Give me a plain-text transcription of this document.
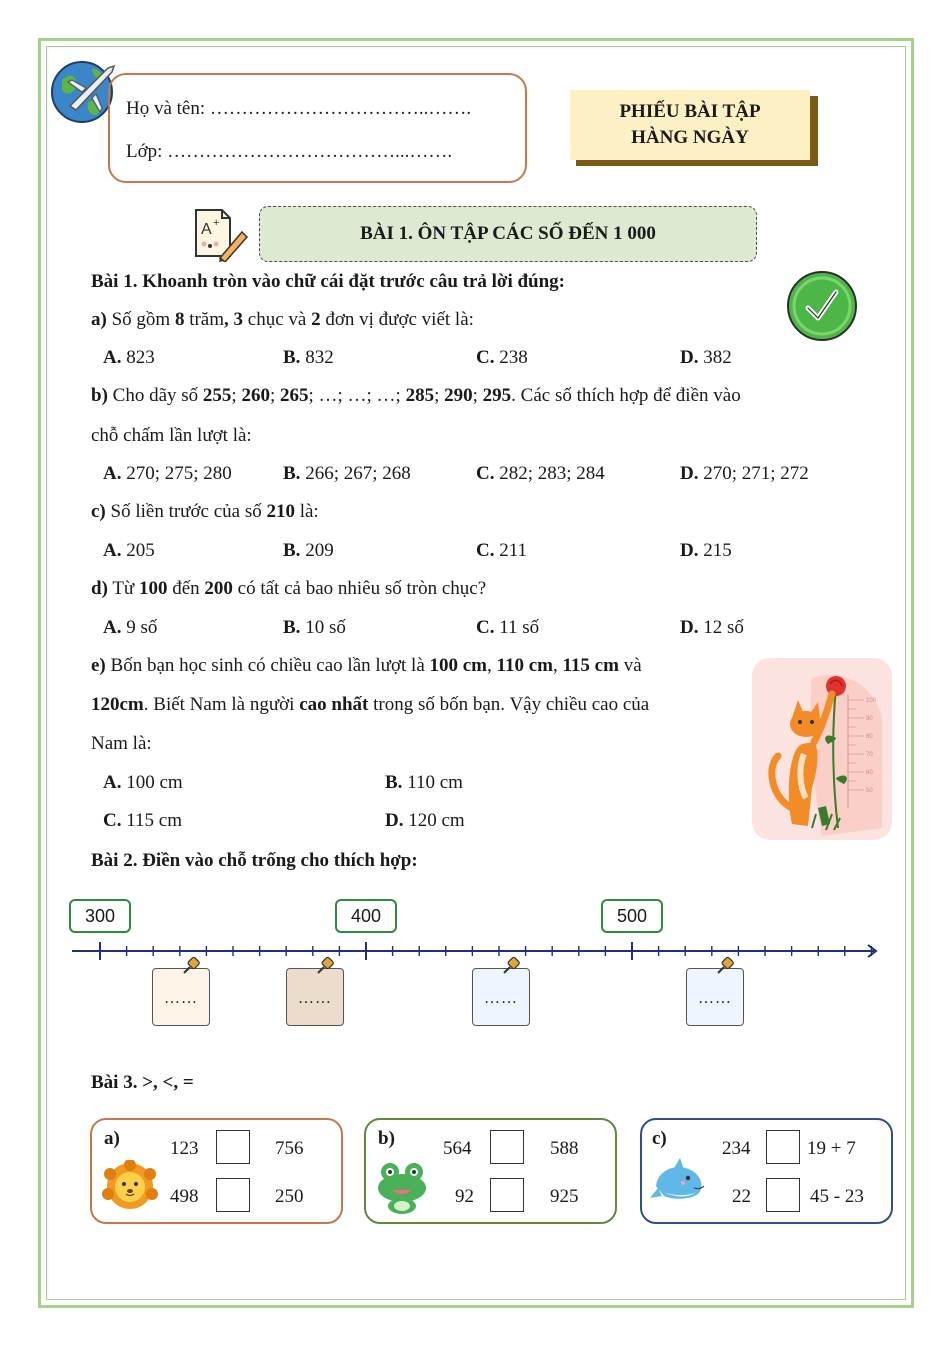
Họ và tên: ……………………………..…….
Lớp: ………………………………...…….
PHIẾU BÀI TẬP
HÀNG NGÀY
A +	BÀI 1. ÔN TẬP CÁC SỐ ĐẾN 1 000
Bài 1. Khoanh tròn vào chữ cái đặt trước câu trả lời đúng:
a) Số gồm 8 trăm, 3 chục và 2 đơn vị được viết là:
A. 823	B. 832	C. 238	D. 382
b) Cho dãy số 255; 260; 265; …; …; …; 285; 290; 295. Các số thích hợp để điền vào
chỗ chấm lần lượt là:
A. 270; 275; 280	B. 266; 267; 268	C. 282; 283; 284	D. 270; 271; 272
c) Số liền trước của số 210 là:
A. 205	B. 209	C. 211	D. 215
d) Từ 100 đến 200 có tất cả bao nhiêu số tròn chục?
A. 9 số	B. 10 số	C. 11 số	D. 12 số
e) Bốn bạn học sinh có chiều cao lần lượt là 100 cm, 110 cm, 115 cm và
120cm. Biết Nam là người cao nhất trong số bốn bạn. Vậy chiều cao của
Nam là:
A. 100 cm	B. 110 cm
C. 115 cm	D. 120 cm
100
90
80
70
60
50
Bài 2. Điền vào chỗ trống cho thích hợp:
300	400	500
……	……	……	……
Bài 3. >, <, =
a)	123	756
498	250
b)	564	588
92	925
c)	234	19 + 7
22	45 - 23
